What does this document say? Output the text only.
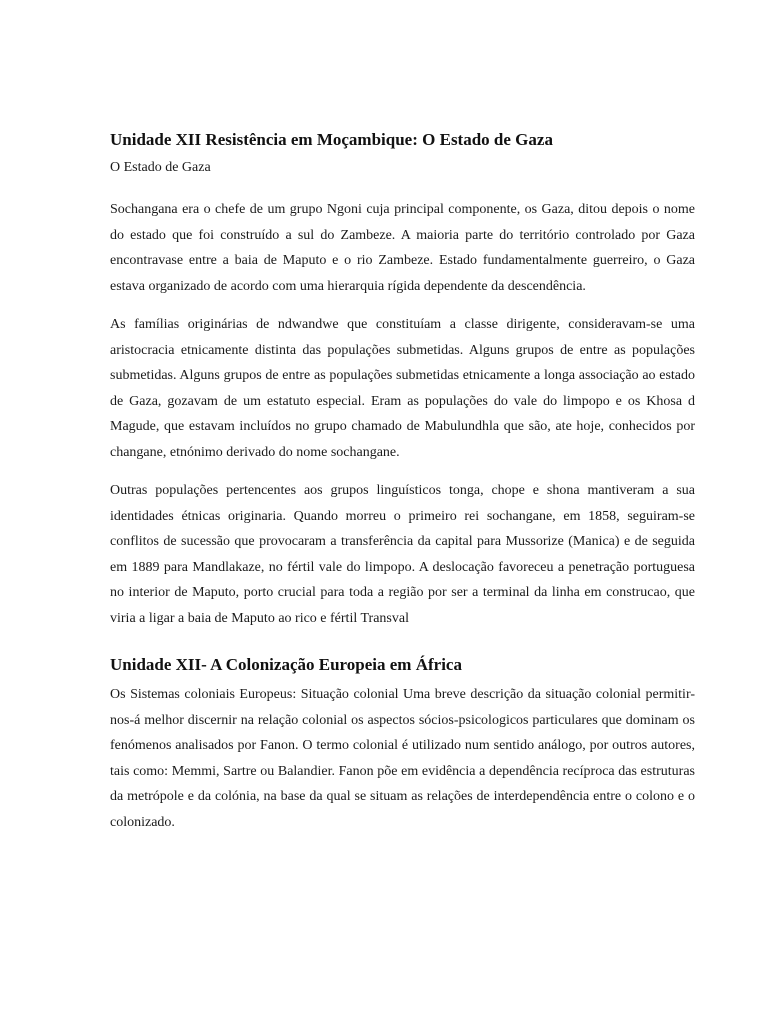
Unidade XII Resistência em Moçambique: O Estado de Gaza
O Estado de Gaza

Sochangana era o chefe de um grupo Ngoni cuja principal componente, os Gaza, ditou depois o nome do estado que foi construído a sul do Zambeze. A maioria parte do território controlado por Gaza encontravase entre a baia de Maputo e o rio Zambeze. Estado fundamentalmente guerreiro, o Gaza estava organizado de acordo com uma hierarquia rígida dependente da descendência.

As famílias originárias de ndwandwe que constituíam a classe dirigente, consideravam-se uma aristocracia etnicamente distinta das populações submetidas. Alguns grupos de entre as populações submetidas. Alguns grupos de entre as populações submetidas etnicamente a longa associação ao estado de Gaza, gozavam de um estatuto especial. Eram as populações do vale do limpopo e os Khosa d Magude, que estavam incluídos no grupo chamado de Mabulundhla que são, ate hoje, conhecidos por changane, etnónimo derivado do nome sochangane.

Outras populações pertencentes aos grupos linguísticos tonga, chope e shona mantiveram a sua identidades étnicas originaria. Quando morreu o primeiro rei sochangane, em 1858, seguiram-se conflitos de sucessão que provocaram a transferência da capital para Mussorize (Manica) e de seguida em 1889 para Mandlakaze, no fértil vale do limpopo. A deslocação favoreceu a penetração portuguesa no interior de Maputo, porto crucial para toda a região por ser a terminal da linha em construcao, que viria a ligar a baia de Maputo ao rico e fértil Transval

Unidade XII- A Colonização Europeia em África

Os Sistemas coloniais Europeus: Situação colonial Uma breve descrição da situação colonial permitir-nos-á melhor discernir na relação colonial os aspectos sócios-psicologicos particulares que dominam os fenómenos analisados por Fanon. O termo colonial é utilizado num sentido análogo, por outros autores, tais como: Memmi, Sartre ou Balandier. Fanon põe em evidência a dependência recíproca das estruturas da metrópole e da colónia, na base da qual se situam as relações de interdependência entre o colono e o colonizado.
